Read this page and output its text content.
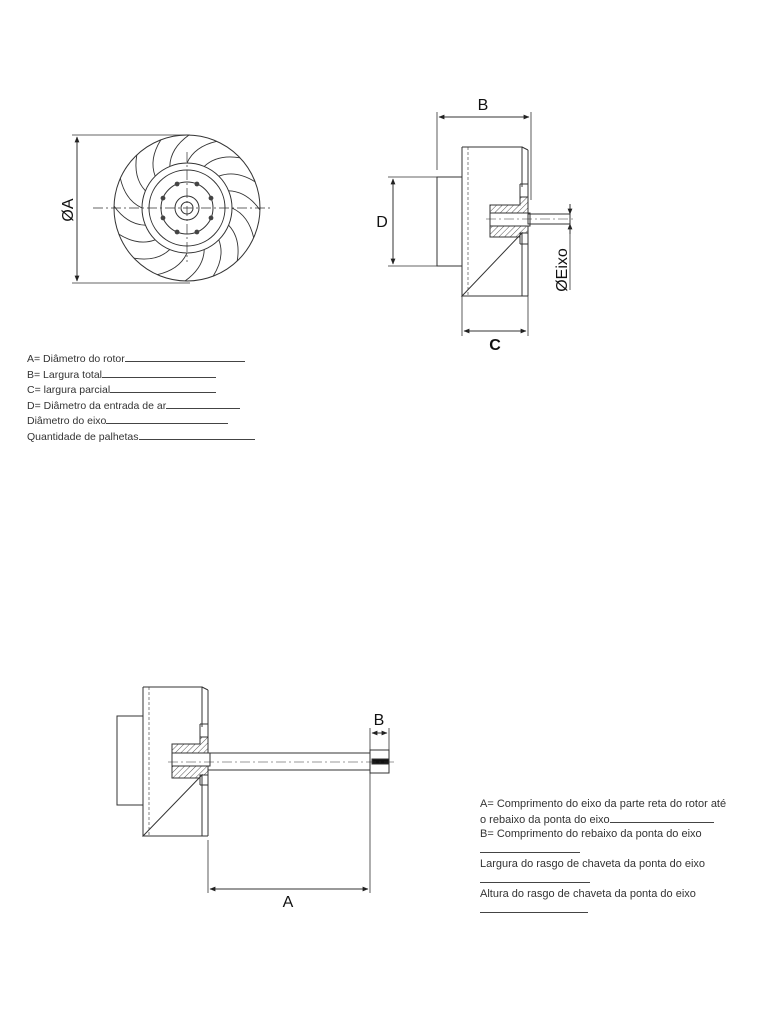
ØA
B
D
C
ØEixo
B
A
A= Diâmetro do rotor
B= Largura total
C= largura parcial
D= Diâmetro da entrada de ar
Diâmetro do eixo
Quantidade de palhetas
A= Comprimento do eixo da parte reta do rotor até o rebaixo da ponta do eixo
B= Comprimento do rebaixo da ponta do eixo
Largura do rasgo de chaveta da ponta do eixo
Altura do rasgo de chaveta da ponta do eixo
